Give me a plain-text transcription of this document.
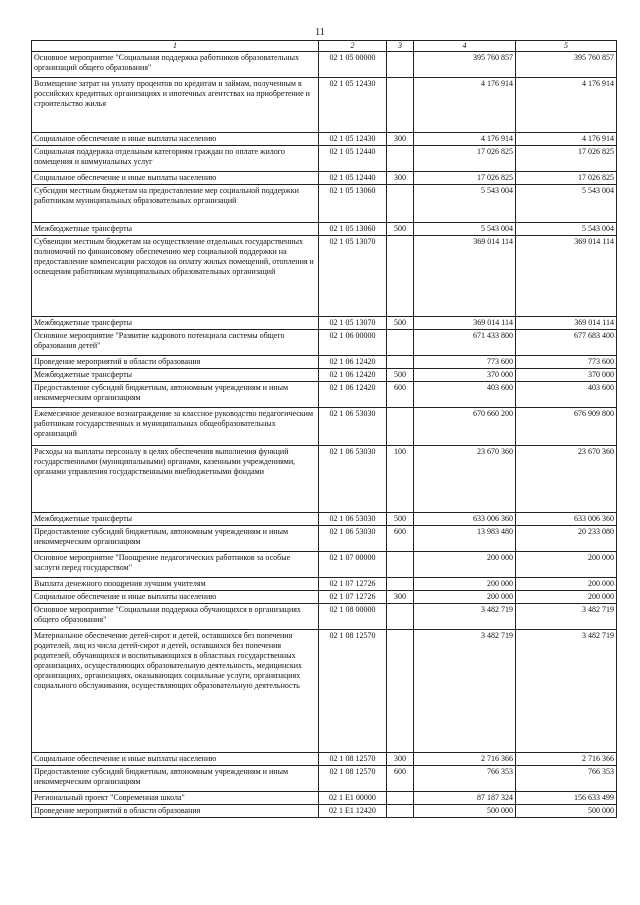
11
1	2	3	4	5
Основное мероприятие "Социальная поддержка работников образовательных организаций общего образования"	02 1 05 00000		395 760 857	395 760 857
Возмещение затрат на уплату процентов по кредитам и займам, полученным в российских кредитных организациях и ипотечных агентствах на приобретение и строительство жилья	02 1 05 12430		4 176 914	4 176 914
Социальное обеспечение и иные выплаты населению	02 1 05 12430	300	4 176 914	4 176 914
Социальная поддержка отдельным категориям граждан по оплате жилого помещения и коммунальных услуг	02 1 05 12440		17 026 825	17 026 825
Социальное обеспечение и иные выплаты населению	02 1 05 12440	300	17 026 825	17 026 825
Субсидии местным бюджетам на предоставление мер социальной поддержки работникам муниципальных образовательных организаций	02 1 05 13060		5 543 004	5 543 004
Межбюджетные трансферты	02 1 05 13060	500	5 543 004	5 543 004
Субвенции местным бюджетам на осуществление отдельных государственных полномочий по финансовому обеспечению мер социальной поддержки на предоставление компенсации расходов на оплату жилых помещений, отопления и освещения работникам муниципальных образовательных организаций	02 1 05 13070		369 014 114	369 014 114
Межбюджетные трансферты	02 1 05 13070	500	369 014 114	369 014 114
Основное мероприятие "Развитие кадрового потенциала системы общего образования детей"	02 1 06 00000		671 433 800	677 683 400
Проведение мероприятий в области образования	02 1 06 12420		773 600	773 600
Межбюджетные трансферты	02 1 06 12420	500	370 000	370 000
Предоставление субсидий бюджетным, автономным учреждениям и иным некоммерческим организациям	02 1 06 12420	600	403 600	403 600
Ежемесячное денежное вознаграждение за классное руководство педагогическим работникам государственных и муниципальных общеобразовательных организаций	02 1 06 53030		670 660 200	676 909 800
Расходы на выплаты персоналу в целях обеспечения выполнения функций государственными (муниципальными) органами, казенными учреждениями, органами управления государственными внебюджетными фондами	02 1 06 53030	100	23 670 360	23 670 360
Межбюджетные трансферты	02 1 06 53030	500	633 006 360	633 006 360
Предоставление субсидий бюджетным, автономным учреждениям и иным некоммерческим организациям	02 1 06 53030	600	13 983 480	20 233 080
Основное мероприятие "Поощрение педагогических работников за особые заслуги перед государством"	02 1 07 00000		200 000	200 000
Выплата денежного поощрения лучшим учителям	02 1 07 12726		200 000	200 000
Социальное обеспечение и иные выплаты населению	02 1 07 12726	300	200 000	200 000
Основное мероприятие "Социальная поддержка обучающихся в организациях общего образования"	02 1 08 00000		3 482 719	3 482 719
Материальное обеспечение детей-сирот и детей, оставшихся без попечения родителей, лиц из числа детей-сирот и детей, оставшихся без попечения родителей, обучающихся и воспитывающихся в областных государственных организациях, осуществляющих образовательную деятельность, медицинских организациях, организациях, оказывающих социальные услуги, организациях социального обслуживания, осуществляющих образовательную деятельность	02 1 08 12570		3 482 719	3 482 719
Социальное обеспечение и иные выплаты населению	02 1 08 12570	300	2 716 366	2 716 366
Предоставление субсидий бюджетным, автономным учреждениям и иным некоммерческим организациям	02 1 08 12570	600	766 353	766 353
Региональный проект "Современная школа"	02 1 E1 00000		87 187 324	156 633 499
Проведение мероприятий в области образования	02 1 E1 12420		500 000	500 000
